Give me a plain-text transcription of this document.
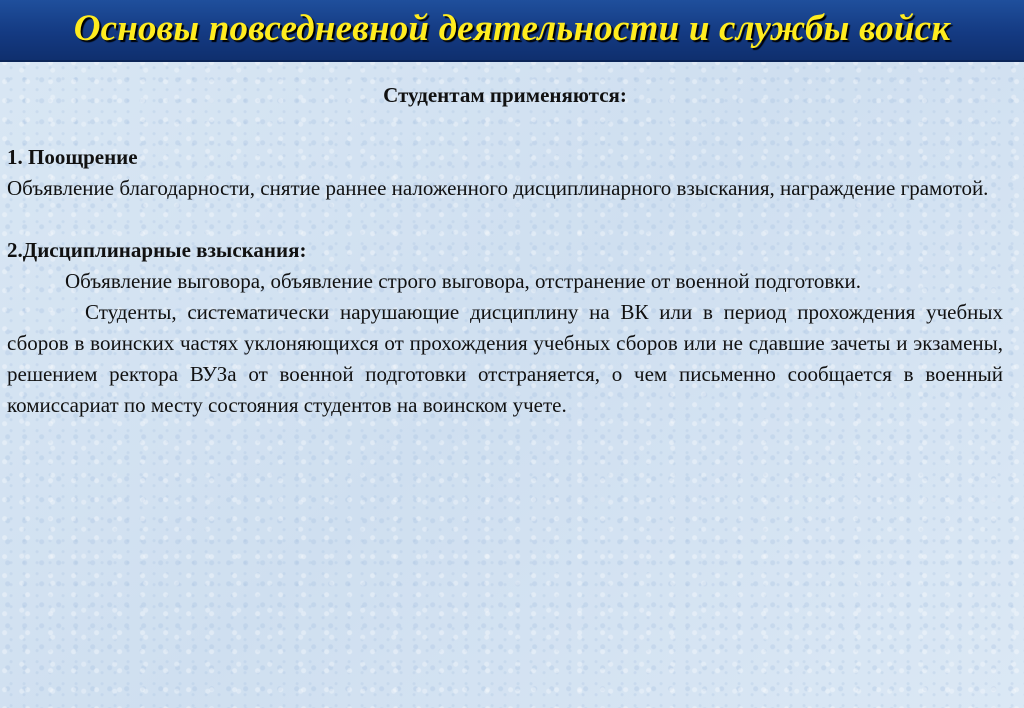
Основы повседневной деятельности и службы войск

Студентам применяются:

1. Поощрение

Объявление благодарности, снятие раннее наложенного дисциплинарного взыскания, награждение грамотой.

2.Дисциплинарные взыскания:

Объявление выговора, объявление строго выговора, отстранение от военной подготовки.

Студенты, систематически нарушающие дисциплину на ВК или в период прохождения учебных сборов в воинских частях уклоняющихся от прохождения учебных сборов или не сдавшие зачеты и экзамены, решением ректора ВУЗа от военной подготовки отстраняется, о чем письменно сообщается в военный комиссариат по месту состояния студентов на воинском учете.
